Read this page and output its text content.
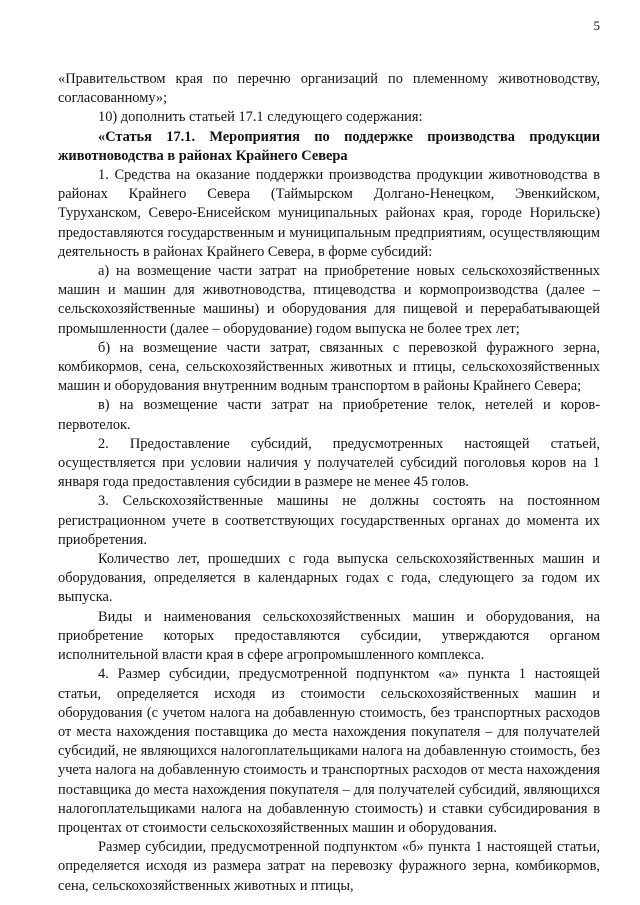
5

«Правительством края по перечню организаций по племенному животноводству, согласованному»;

10) дополнить статьей 17.1 следующего содержания:

«Статья 17.1. Мероприятия по поддержке производства продукции животноводства в районах Крайнего Севера

1. Средства на оказание поддержки производства продукции животноводства в районах Крайнего Севера (Таймырском Долгано-Ненецком, Эвенкийском, Туруханском, Северо-Енисейском муниципальных районах края, городе Норильске) предоставляются государственным и муниципальным предприятиям, осуществляющим деятельность в районах Крайнего Севера, в форме субсидий:

а) на возмещение части затрат на приобретение новых сельскохозяйственных машин и машин для животноводства, птицеводства и кормопроизводства (далее – сельскохозяйственные машины) и оборудования для пищевой и перерабатывающей промышленности (далее – оборудование) годом выпуска не более трех лет;

б) на возмещение части затрат, связанных с перевозкой фуражного зерна, комбикормов, сена, сельскохозяйственных животных и птицы, сельскохозяйственных машин и оборудования внутренним водным транспортом в районы Крайнего Севера;

в) на возмещение части затрат на приобретение телок, нетелей и коров-первотелок.

2. Предоставление субсидий, предусмотренных настоящей статьей, осуществляется при условии наличия у получателей субсидий поголовья коров на 1 января года предоставления субсидии в размере не менее 45 голов.

3. Сельскохозяйственные машины не должны состоять на постоянном регистрационном учете в соответствующих государственных органах до момента их приобретения.

Количество лет, прошедших с года выпуска сельскохозяйственных машин и оборудования, определяется в календарных годах с года, следующего за годом их выпуска.

Виды и наименования сельскохозяйственных машин и оборудования, на приобретение которых предоставляются субсидии, утверждаются органом исполнительной власти края в сфере агропромышленного комплекса.

4. Размер субсидии, предусмотренной подпунктом «а» пункта 1 настоящей статьи, определяется исходя из стоимости сельскохозяйственных машин и оборудования (с учетом налога на добавленную стоимость, без транспортных расходов от места нахождения поставщика до места нахождения покупателя – для получателей субсидий, не являющихся налогоплательщиками налога на добавленную стоимость, без учета налога на добавленную стоимость и транспортных расходов от места нахождения поставщика до места нахождения покупателя – для получателей субсидий, являющихся налогоплательщиками налога на добавленную стоимость) и ставки субсидирования в процентах от стоимости сельскохозяйственных машин и оборудования.

Размер субсидии, предусмотренной подпунктом «б» пункта 1 настоящей статьи, определяется исходя из размера затрат на перевозку фуражного зерна, комбикормов, сена, сельскохозяйственных животных и птицы,
